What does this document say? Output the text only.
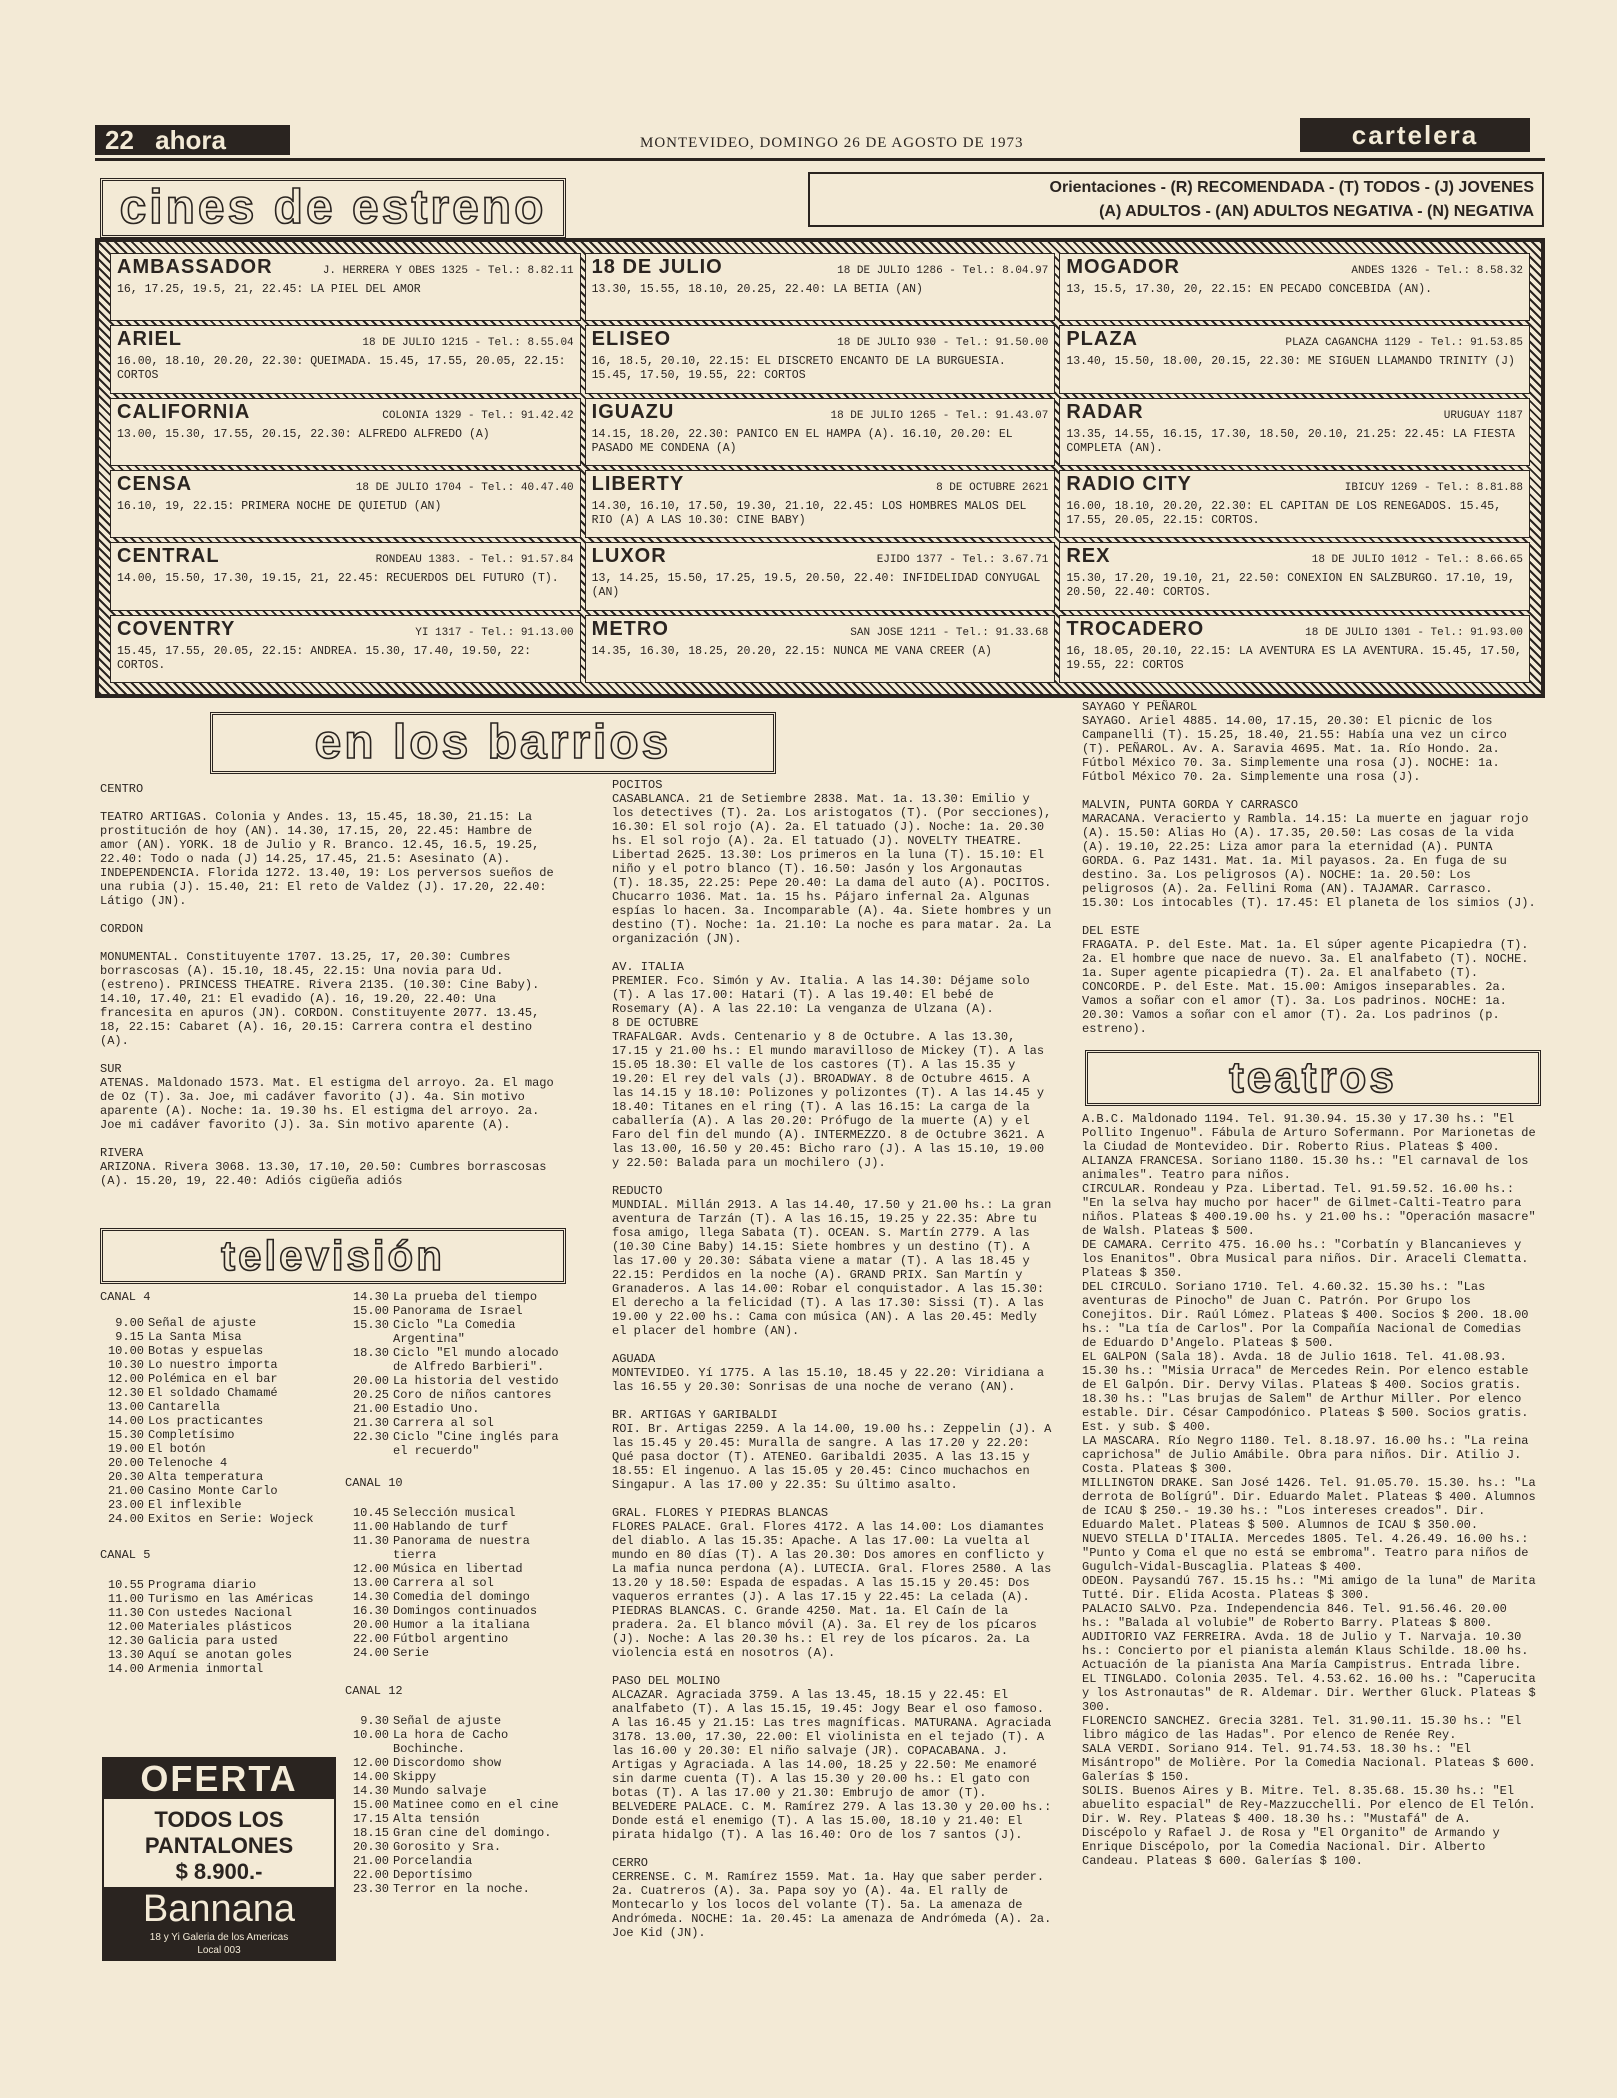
22 ahora	MONTEVIDEO, DOMINGO 26 DE AGOSTO DE 1973	cartelera
cines de estreno	Orientaciones - (R) RECOMENDADA - (T) TODOS - (J) JOVENES
(A) ADULTOS - (AN) ADULTOS NEGATIVA - (N) NEGATIVA
AMBASSADOR	J. HERRERA Y OBES 1325 - Tel.: 8.82.11
16, 17.25, 19.5, 21, 22.45: LA PIEL DEL AMOR
18 DE JULIO	18 DE JULIO 1286 - Tel.: 8.04.97
13.30, 15.55, 18.10, 20.25, 22.40: LA BETIA (AN)
MOGADOR	ANDES 1326 - Tel.: 8.58.32
13, 15.5, 17.30, 20, 22.15: EN PECADO CONCEBIDA (AN).
ARIEL	18 DE JULIO 1215 - Tel.: 8.55.04
16.00, 18.10, 20.20, 22.30: QUEIMADA. 15.45, 17.55, 20.05, 22.15: CORTOS
ELISEO	18 DE JULIO 930 - Tel.: 91.50.00
16, 18.5, 20.10, 22.15: EL DISCRETO ENCANTO DE LA BURGUESIA. 15.45, 17.50, 19.55, 22: CORTOS
PLAZA	PLAZA CAGANCHA 1129 - Tel.: 91.53.85
13.40, 15.50, 18.00, 20.15, 22.30: ME SIGUEN LLAMANDO TRINITY (J)
CALIFORNIA	COLONIA 1329 - Tel.: 91.42.42
13.00, 15.30, 17.55, 20.15, 22.30: ALFREDO ALFREDO (A)
IGUAZU	18 DE JULIO 1265 - Tel.: 91.43.07
14.15, 18.20, 22.30: PANICO EN EL HAMPA (A). 16.10, 20.20: EL PASADO ME CONDENA (A)
RADAR	URUGUAY 1187
13.35, 14.55, 16.15, 17.30, 18.50, 20.10, 21.25: 22.45: LA FIESTA COMPLETA (AN).
CENSA	18 DE JULIO 1704 - Tel.: 40.47.40
16.10, 19, 22.15: PRIMERA NOCHE DE QUIETUD (AN)
LIBERTY	8 DE OCTUBRE 2621
14.30, 16.10, 17.50, 19.30, 21.10, 22.45: LOS HOMBRES MALOS DEL RIO (A) A LAS 10.30: CINE BABY)
RADIO CITY	IBICUY 1269 - Tel.: 8.81.88
16.00, 18.10, 20.20, 22.30: EL CAPITAN DE LOS RENEGADOS. 15.45, 17.55, 20.05, 22.15: CORTOS.
CENTRAL	RONDEAU 1383. - Tel.: 91.57.84
14.00, 15.50, 17.30, 19.15, 21, 22.45: RECUERDOS DEL FUTURO (T).
LUXOR	EJIDO 1377 - Tel.: 3.67.71
13, 14.25, 15.50, 17.25, 19.5, 20.50, 22.40: INFIDELIDAD CONYUGAL (AN)
REX	18 DE JULIO 1012 - Tel.: 8.66.65
15.30, 17.20, 19.10, 21, 22.50: CONEXION EN SALZBURGO. 17.10, 19, 20.50, 22.40: CORTOS.
COVENTRY	YI 1317 - Tel.: 91.13.00
15.45, 17.55, 20.05, 22.15: ANDREA. 15.30, 17.40, 19.50, 22: CORTOS.
METRO	SAN JOSE 1211 - Tel.: 91.33.68
14.35, 16.30, 18.25, 20.20, 22.15: NUNCA ME VANA CREER (A)
TROCADERO	18 DE JULIO 1301 - Tel.: 91.93.00
16, 18.05, 20.10, 22.15: LA AVENTURA ES LA AVENTURA. 15.45, 17.50, 19.55, 22: CORTOS
en los barrios
CENTRO

TEATRO ARTIGAS. Colonia y Andes. 13, 15.45, 18.30, 21.15: La prostitución de hoy (AN). 14.30, 17.15, 20, 22.45: Hambre de amor (AN). YORK. 18 de Julio y R. Branco. 12.45, 16.5, 19.25, 22.40: Todo o nada (J) 14.25, 17.45, 21.5: Asesinato (A). INDEPENDENCIA. Florida 1272. 13.40, 19: Los perversos sueños de una rubia (J). 15.40, 21: El reto de Valdez (J). 17.20, 22.40: Látigo (JN).

CORDON

MONUMENTAL. Constituyente 1707. 13.25, 17, 20.30: Cumbres borrascosas (A). 15.10, 18.45, 22.15: Una novia para Ud. (estreno). PRINCESS THEATRE. Rivera 2135. (10.30: Cine Baby). 14.10, 17.40, 21: El evadido (A). 16, 19.20, 22.40: Una francesita en apuros (JN). CORDON. Constituyente 2077. 13.45, 18, 22.15: Cabaret (A). 16, 20.15: Carrera contra el destino (A).

SUR
ATENAS. Maldonado 1573. Mat. El estigma del arroyo. 2a. El mago de Oz (T). 3a. Joe, mi cadáver favorito (J). 4a. Sin motivo aparente (A). Noche: 1a. 19.30 hs. El estigma del arroyo. 2a. Joe mi cadáver favorito (J). 3a. Sin motivo aparente (A).

RIVERA
ARIZONA. Rivera 3068. 13.30, 17.10, 20.50: Cumbres borrascosas (A). 15.20, 19, 22.40: Adiós cigüeña adiós
POCITOS
CASABLANCA. 21 de Setiembre 2838. Mat. 1a. 13.30: Emilio y los detectives (T). 2a. Los aristogatos (T). (Por secciones), 16.30: El sol rojo (A). 2a. El tatuado (J). Noche: 1a. 20.30 hs. El sol rojo (A). 2a. El tatuado (J). NOVELTY THEATRE. Libertad 2625. 13.30: Los primeros en la luna (T). 15.10: El niño y el potro blanco (T). 16.50: Jasón y los Argonautas (T). 18.35, 22.25: Pepe 20.40: La dama del auto (A). POCITOS. Chucarro 1036. Mat. 1a. 15 hs. Pájaro infernal 2a. Algunas espías lo hacen. 3a. Incomparable (A). 4a. Siete hombres y un destino (T). Noche: 1a. 21.10: La noche es para matar. 2a. La organización (JN).

AV. ITALIA
PREMIER. Fco. Simón y Av. Italia. A las 14.30: Déjame solo (T). A las 17.00: Hatari (T). A las 19.40: El bebé de Rosemary (A). A las 22.10: La venganza de Ulzana (A).
8 DE OCTUBRE
TRAFALGAR. Avds. Centenario y 8 de Octubre. A las 13.30, 17.15 y 21.00 hs.: El mundo maravilloso de Mickey (T). A las 15.05 18.30: El valle de los castores (T). A las 15.35 y 19.20: El rey del vals (J). BROADWAY. 8 de Octubre 4615. A las 14.15 y 18.10: Polizones y polizontes (T). A las 14.45 y 18.40: Titanes en el ring (T). A las 16.15: La carga de la caballería (A). A las 20.20: Prófugo de la muerte (A) y el Faro del fin del mundo (A). INTERMEZZO. 8 de Octubre 3621. A las 13.00, 16.50 y 20.45: Bicho raro (J). A las 15.10, 19.00 y 22.50: Balada para un mochilero (J).

REDUCTO
MUNDIAL. Millán 2913. A las 14.40, 17.50 y 21.00 hs.: La gran aventura de Tarzán (T). A las 16.15, 19.25 y 22.35: Abre tu fosa amigo, llega Sabata (T). OCEAN. S. Martín 2779. A las (10.30 Cine Baby) 14.15: Siete hombres y un destino (T). A las 17.00 y 20.30: Sábata viene a matar (T). A las 18.45 y 22.15: Perdidos en la noche (A). GRAND PRIX. San Martín y Granaderos. A las 14.00: Robar el conquistador. A las 15.30: El derecho a la felicidad (T). A las 17.30: Sissi (T). A las 19.00 y 22.00 hs.: Cama con música (AN). A las 20.45: Medly el placer del hombre (AN).

AGUADA
MONTEVIDEO. Yí 1775. A las 15.10, 18.45 y 22.20: Viridiana a las 16.55 y 20.30: Sonrisas de una noche de verano (AN).

BR. ARTIGAS Y GARIBALDI
ROI. Br. Artigas 2259. A la 14.00, 19.00 hs.: Zeppelin (J). A las 15.45 y 20.45: Muralla de sangre. A las 17.20 y 22.20: Qué pasa doctor (T). ATENEO. Garibaldi 2035. A las 13.15 y 18.55: El ingenuo. A las 15.05 y 20.45: Cinco muchachos en Singapur. A las 17.00 y 22.35: Su último asalto.

GRAL. FLORES Y PIEDRAS BLANCAS
FLORES PALACE. Gral. Flores 4172. A las 14.00: Los diamantes del diablo. A las 15.35: Apache. A las 17.00: La vuelta al mundo en 80 días (T). A las 20.30: Dos amores en conflicto y La mafia nunca perdona (A). LUTECIA. Gral. Flores 2580. A las 13.20 y 18.50: Espada de espadas. A las 15.15 y 20.45: Dos vaqueros errantes (J). A las 17.15 y 22.45: La celada (A). PIEDRAS BLANCAS. C. Grande 4250. Mat. 1a. El Caín de la pradera. 2a. El blanco móvil (A). 3a. El rey de los pícaros (J). Noche: A las 20.30 hs.: El rey de los pícaros. 2a. La violencia está en nosotros (A).

PASO DEL MOLINO
ALCAZAR. Agraciada 3759. A las 13.45, 18.15 y 22.45: El analfabeto (T). A las 15.15, 19.45: Jogy Bear el oso famoso. A las 16.45 y 21.15: Las tres magníficas. MATURANA. Agraciada 3178. 13.00, 17.30, 22.00: El violinista en el tejado (T). A las 16.00 y 20.30: El niño salvaje (JR). COPACABANA. J. Artigas y Agraciada. A las 14.00, 18.25 y 22.50: Me enamoré sin darme cuenta (T). A las 15.30 y 20.00 hs.: El gato con botas (T). A las 17.00 y 21.30: Embrujo de amor (T). BELVEDERE PALACE. C. M. Ramírez 279. A las 13.30 y 20.00 hs.: Donde está el enemigo (T). A las 15.00, 18.10 y 21.40: El pirata hidalgo (T). A las 16.40: Oro de los 7 santos (J).

CERRO
CERRENSE. C. M. Ramírez 1559. Mat. 1a. Hay que saber perder. 2a. Cuatreros (A). 3a. Papa soy yo (A). 4a. El rally de Montecarlo y los locos del volante (T). 5a. La amenaza de Andrómeda. NOCHE: 1a. 20.45: La amenaza de Andrómeda (A). 2a. Joe Kid (JN).
SAYAGO Y PEÑAROL
SAYAGO. Ariel 4885. 14.00, 17.15, 20.30: El picnic de los Campanelli (T). 15.25, 18.40, 21.55: Había una vez un circo (T). PEÑAROL. Av. A. Saravia 4695. Mat. 1a. Río Hondo. 2a. Fútbol México 70. 3a. Simplemente una rosa (J). NOCHE: 1a. Fútbol México 70. 2a. Simplemente una rosa (J).

MALVIN, PUNTA GORDA Y CARRASCO
MARACANA. Veracierto y Rambla. 14.15: La muerte en jaguar rojo (A). 15.50: Alias Ho (A). 17.35, 20.50: Las cosas de la vida (A). 19.10, 22.25: Liza amor para la eternidad (A). PUNTA GORDA. G. Paz 1431. Mat. 1a. Mil payasos. 2a. En fuga de su destino. 3a. Los peligrosos (A). NOCHE: 1a. 20.50: Los peligrosos (A). 2a. Fellini Roma (AN). TAJAMAR. Carrasco. 15.30: Los intocables (T). 17.45: El planeta de los simios (J).

DEL ESTE
FRAGATA. P. del Este. Mat. 1a. El súper agente Picapiedra (T). 2a. El hombre que nace de nuevo. 3a. El analfabeto (T). NOCHE. 1a. Super agente picapiedra (T). 2a. El analfabeto (T). CONCORDE. P. del Este. Mat. 15.00: Amigos inseparables. 2a. Vamos a soñar con el amor (T). 3a. Los padrinos. NOCHE: 1a. 20.30: Vamos a soñar con el amor (T). 2a. Los padrinos (p. estreno).
televisión
CANAL 4
9.00 Señal de ajuste
9.15 La Santa Misa
10.00 Botas y espuelas
10.30 Lo nuestro importa
12.00 Polémica en el bar
12.30 El soldado Chamamé
13.00 Cantarella
14.00 Los practicantes
15.30 Completísimo
19.00 El botón
20.00 Telenoche 4
20.30 Alta temperatura
21.00 Casino Monte Carlo
23.00 El inflexible
24.00 Exitos en Serie: Wojeck
CANAL 5
10.55 Programa diario
11.00 Turismo en las Américas
11.30 Con ustedes Nacional
12.00 Materiales plásticos
12.30 Galicia para usted
13.30 Aquí se anotan goles
14.00 Armenia inmortal
14.30 La prueba del tiempo
15.00 Panorama de Israel
15.30 Ciclo "La Comedia Argentina"
18.30 Ciclo "El mundo alocado de Alfredo Barbieri".
20.00 La historia del vestido
20.25 Coro de niños cantores
21.00 Estadio Uno.
21.30 Carrera al sol
22.30 Ciclo "Cine inglés para el recuerdo"
CANAL 10
10.45 Selección musical
11.00 Hablando de turf
11.30 Panorama de nuestra tierra
12.00 Música en libertad
13.00 Carrera al sol
14.30 Comedia del domingo
16.30 Domingos continuados
20.00 Humor a la italiana
22.00 Fútbol argentino
24.00 Serie
CANAL 12
9.30 Señal de ajuste
10.00 La hora de Cacho Bochinche.
12.00 Discordomo show
14.00 Skippy
14.30 Mundo salvaje
15.00 Matinee como en el cine
17.15 Alta tensión
18.15 Gran cine del domingo.
20.30 Gorosito y Sra.
21.00 Porcelandia
22.00 Deportísimo
23.30 Terror en la noche.
OFERTA
TODOS LOS
PANTALONES
$ 8.900.-
Bannana
18 y Yi Galeria de los Americas
Local 003
teatros
A.B.C. Maldonado 1194. Tel. 91.30.94. 15.30 y 17.30 hs.: "El Pollito Ingenuo". Fábula de Arturo Sofermann. Por Marionetas de la Ciudad de Montevideo. Dir. Roberto Rius. Plateas $ 400.
ALIANZA FRANCESA. Soriano 1180. 15.30 hs.: "El carnaval de los animales". Teatro para niños.
CIRCULAR. Rondeau y Pza. Libertad. Tel. 91.59.52. 16.00 hs.: "En la selva hay mucho por hacer" de Gilmet-Calti-Teatro para niños. Plateas $ 400.19.00 hs. y 21.00 hs.: "Operación masacre" de Walsh. Plateas $ 500.
DE CAMARA. Cerrito 475. 16.00 hs.: "Corbatín y Blancanieves y los Enanitos". Obra Musical para niños. Dir. Araceli Clematta. Plateas $ 350.
DEL CIRCULO. Soriano 1710. Tel. 4.60.32. 15.30 hs.: "Las aventuras de Pinocho" de Juan C. Patrón. Por Grupo los Conejitos. Dir. Raúl Lómez. Plateas $ 400. Socios $ 200. 18.00 hs.: "La tía de Carlos". Por la Compañía Nacional de Comedias de Eduardo D'Angelo. Plateas $ 500.
EL GALPON (Sala 18). Avda. 18 de Julio 1618. Tel. 41.08.93. 15.30 hs.: "Misia Urraca" de Mercedes Rein. Por elenco estable de El Galpón. Dir. Dervy Vilas. Plateas $ 400. Socios gratis. 18.30 hs.: "Las brujas de Salem" de Arthur Miller. Por elenco estable. Dir. César Campodónico. Plateas $ 500. Socios gratis. Est. y sub. $ 400.
LA MASCARA. Río Negro 1180. Tel. 8.18.97. 16.00 hs.: "La reina caprichosa" de Julio Amábile. Obra para niños. Dir. Atilio J. Costa. Plateas $ 300.
MILLINGTON DRAKE. San José 1426. Tel. 91.05.70. 15.30. hs.: "La derrota de Bolígrú". Dir. Eduardo Malet. Plateas $ 400. Alumnos de ICAU $ 250.- 19.30 hs.: "Los intereses creados". Dir. Eduardo Malet. Plateas $ 500. Alumnos de ICAU $ 350.00.
NUEVO STELLA D'ITALIA. Mercedes 1805. Tel. 4.26.49. 16.00 hs.: "Punto y Coma el que no está se embroma". Teatro para niños de Gugulch-Vidal-Buscaglia. Plateas $ 400.
ODEON. Paysandú 767. 15.15 hs.: "Mi amigo de la luna" de Marita Tutté. Dir. Elida Acosta. Plateas $ 300.
PALACIO SALVO. Pza. Independencia 846. Tel. 91.56.46. 20.00 hs.: "Balada al volubie" de Roberto Barry. Plateas $ 800.
AUDITORIO VAZ FERREIRA. Avda. 18 de Julio y T. Narvaja. 10.30 hs.: Concierto por el pianista alemán Klaus Schilde. 18.00 hs. Actuación de la pianista Ana María Campistrus. Entrada libre.
EL TINGLADO. Colonia 2035. Tel. 4.53.62. 16.00 hs.: "Caperucita y los Astronautas" de R. Aldemar. Dir. Werther Gluck. Plateas $ 300.
FLORENCIO SANCHEZ. Grecia 3281. Tel. 31.90.11. 15.30 hs.: "El libro mágico de las Hadas". Por elenco de Renée Rey.
SALA VERDI. Soriano 914. Tel. 91.74.53. 18.30 hs.: "El Misántropo" de Molière. Por la Comedia Nacional. Plateas $ 600. Galerías $ 150.
SOLIS. Buenos Aires y B. Mitre. Tel. 8.35.68. 15.30 hs.: "El abuelito espacial" de Rey-Mazzucchelli. Por elenco de El Telón. Dir. W. Rey. Plateas $ 400. 18.30 hs.: "Mustafá" de A. Discépolo y Rafael J. de Rosa y "El Organito" de Armando y Enrique Discépolo, por la Comedia Nacional. Dir. Alberto Candeau. Plateas $ 600. Galerías $ 100.
